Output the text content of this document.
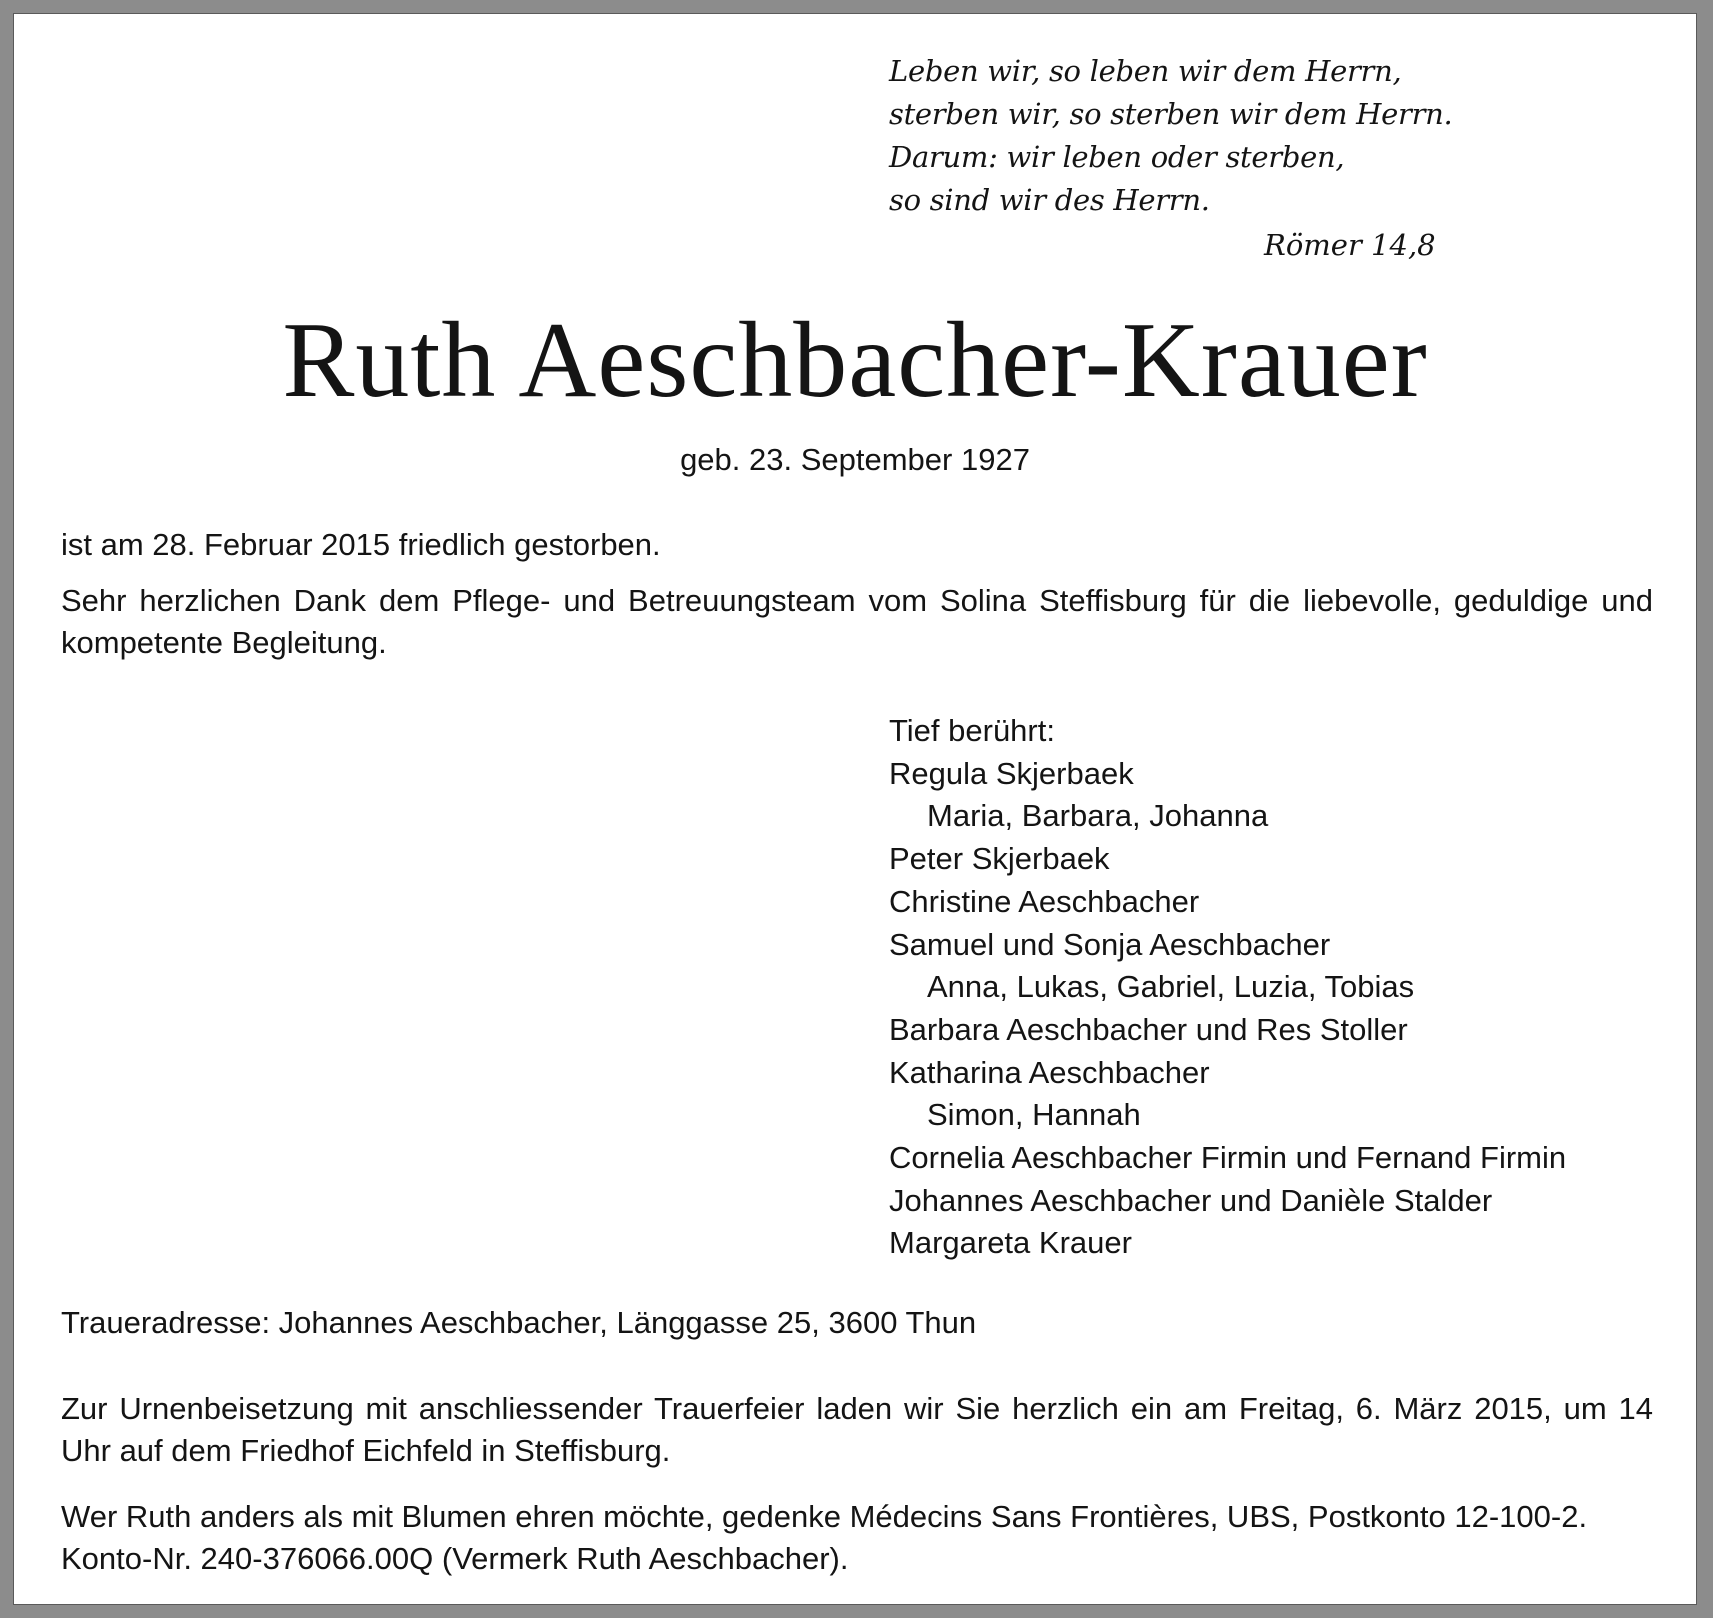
Leben wir, so leben wir dem Herrn,
sterben wir, so sterben wir dem Herrn.
Darum: wir leben oder sterben,
so sind wir des Herrn.
Römer 14,8
Ruth Aeschbacher-Krauer
geb. 23. September 1927
ist am 28. Februar 2015 friedlich gestorben.
Sehr herzlichen Dank dem Pflege- und Betreuungsteam vom Solina Steffisburg für die liebevolle, geduldige und kompetente Begleitung.
Tief berührt:
Regula Skjerbaek
Maria, Barbara, Johanna
Peter Skjerbaek
Christine Aeschbacher
Samuel und Sonja Aeschbacher
Anna, Lukas, Gabriel, Luzia, Tobias
Barbara Aeschbacher und Res Stoller
Katharina Aeschbacher
Simon, Hannah
Cornelia Aeschbacher Firmin und Fernand Firmin
Johannes Aeschbacher und Danièle Stalder
Margareta Krauer
Traueradresse: Johannes Aeschbacher, Länggasse 25, 3600 Thun
Zur Urnenbeisetzung mit anschliessender Trauerfeier laden wir Sie herzlich ein am Freitag, 6. März 2015, um 14 Uhr auf dem Friedhof Eichfeld in Steffisburg.
Wer Ruth anders als mit Blumen ehren möchte, gedenke Médecins Sans Frontières, UBS, Postkonto 12-100-2.
Konto-Nr. 240-376066.00Q (Vermerk Ruth Aeschbacher).
